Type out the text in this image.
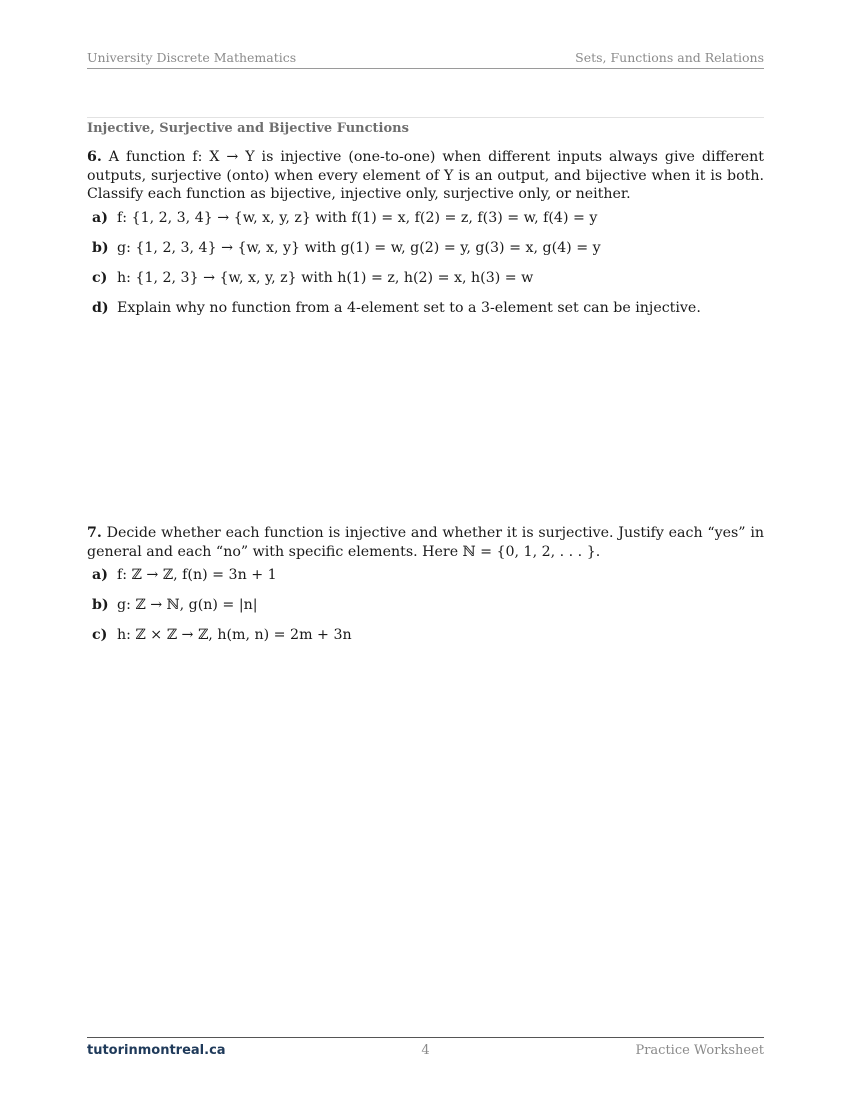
University Discrete Mathematics	Sets, Functions and Relations
Injective, Surjective and Bijective Functions

6. A function f: X → Y is injective (one-to-one) when different inputs always give different outputs, surjective (onto) when every element of Y is an output, and bijective when it is both. Classify each function as bijective, injective only, surjective only, or neither.

a) f: {1, 2, 3, 4} → {w, x, y, z} with f(1) = x, f(2) = z, f(3) = w, f(4) = y
b) g: {1, 2, 3, 4} → {w, x, y} with g(1) = w, g(2) = y, g(3) = x, g(4) = y
c) h: {1, 2, 3} → {w, x, y, z} with h(1) = z, h(2) = x, h(3) = w
d) Explain why no function from a 4-element set to a 3-element set can be injective.

7. Decide whether each function is injective and whether it is surjective. Justify each “yes” in general and each “no” with specific elements. Here ℕ = {0, 1, 2, . . . }.

a) f: ℤ → ℤ, f(n) = 3n + 1
b) g: ℤ → ℕ, g(n) = |n|
c) h: ℤ × ℤ → ℤ, h(m, n) = 2m + 3n
tutorinmontreal.ca	4	Practice Worksheet
